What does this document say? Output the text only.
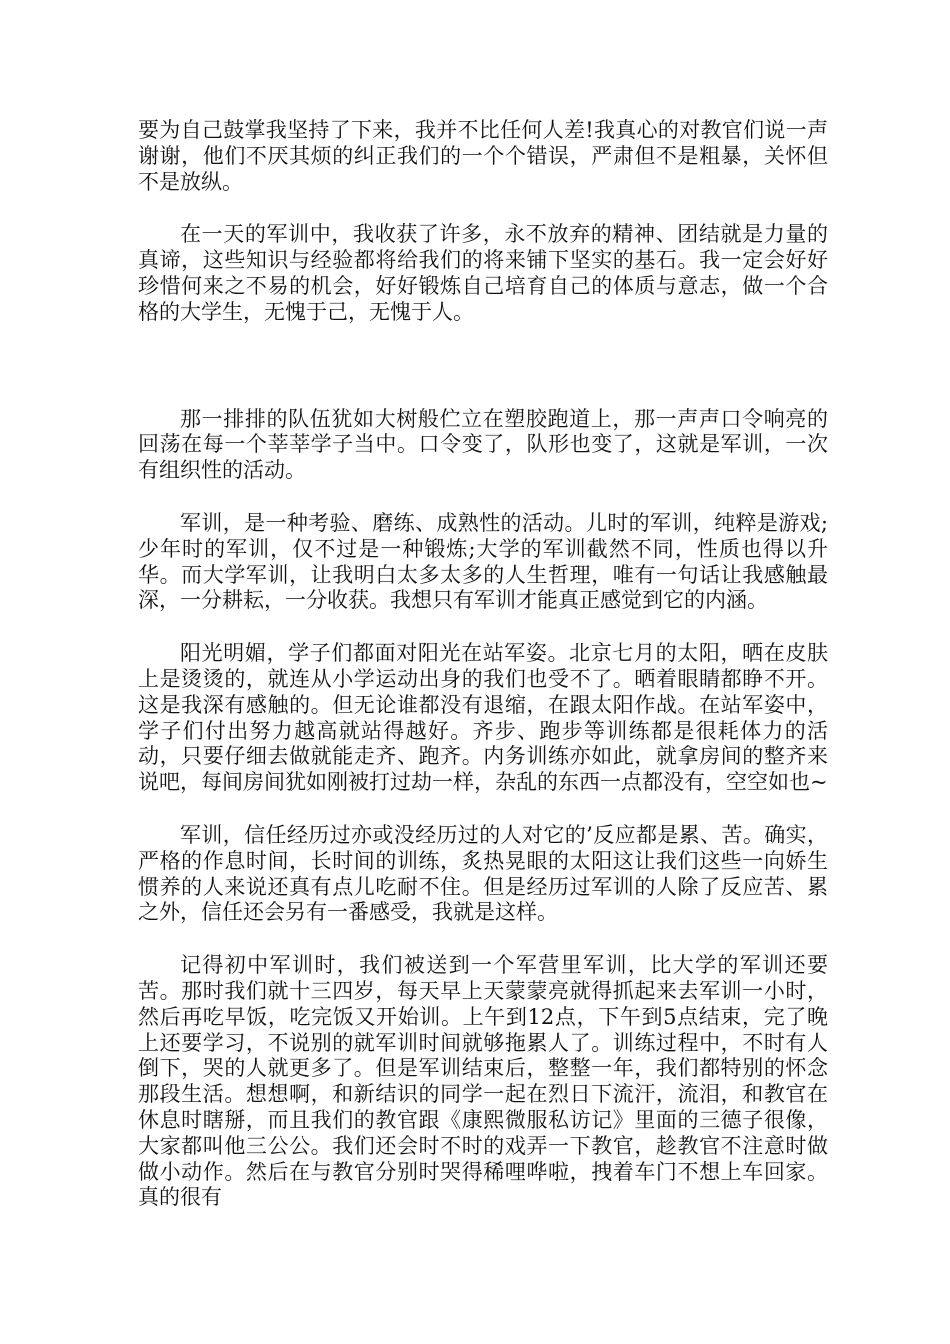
要为自己鼓掌我坚持了下来，我并不比任何人差!我真心的对教官们说一声谢谢，他们不厌其烦的纠正我们的一个个错误，严肃但不是粗暴，关怀但不是放纵。

在一天的军训中，我收获了许多，永不放弃的精神、团结就是力量的真谛，这些知识与经验都将给我们的将来铺下坚实的基石。我一定会好好珍惜何来之不易的机会，好好锻炼自己培育自己的体质与意志，做一个合格的大学生，无愧于己，无愧于人。

那一排排的队伍犹如大树般伫立在塑胶跑道上，那一声声口令响亮的回荡在每一个莘莘学子当中。口令变了，队形也变了，这就是军训，一次有组织性的活动。

军训，是一种考验、磨练、成熟性的活动。儿时的军训，纯粹是游戏;少年时的军训，仅不过是一种锻炼;大学的军训截然不同，性质也得以升华。而大学军训，让我明白太多太多的人生哲理，唯有一句话让我感触最深，一分耕耘，一分收获。我想只有军训才能真正感觉到它的内涵。

阳光明媚，学子们都面对阳光在站军姿。北京七月的太阳，晒在皮肤上是烫烫的，就连从小学运动出身的我们也受不了。晒着眼睛都睁不开。这是我深有感触的。但无论谁都没有退缩，在跟太阳作战。在站军姿中，学子们付出努力越高就站得越好。齐步、跑步等训练都是很耗体力的活动，只要仔细去做就能走齐、跑齐。内务训练亦如此，就拿房间的整齐来说吧，每间房间犹如刚被打过劫一样，杂乱的东西一点都没有，空空如也~

军训，信任经历过亦或没经历过的人对它的’反应都是累、苦。确实，严格的作息时间，长时间的训练，炙热晃眼的太阳这让我们这些一向娇生惯养的人来说还真有点儿吃耐不住。但是经历过军训的人除了反应苦、累之外，信任还会另有一番感受，我就是这样。

记得初中军训时，我们被送到一个军营里军训，比大学的军训还要苦。那时我们就十三四岁，每天早上天蒙蒙亮就得抓起来去军训一小时，然后再吃早饭，吃完饭又开始训。上午到12点，下午到5点结束，完了晚上还要学习，不说别的就军训时间就够拖累人了。训练过程中，不时有人倒下，哭的人就更多了。但是军训结束后，整整一年，我们都特别的怀念那段生活。想想啊，和新结识的同学一起在烈日下流汗，流泪，和教官在休息时瞎掰，而且我们的教官跟《康熙微服私访记》里面的三德子很像，大家都叫他三公公。我们还会时不时的戏弄一下教官，趁教官不注意时做做小动作。然后在与教官分别时哭得稀哩哗啦，拽着车门不想上车回家。真的很有
